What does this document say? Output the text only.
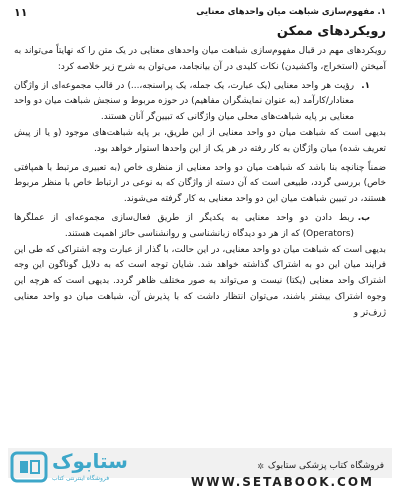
۱. مفهوم‌سازی شباهت میان واحدهای معنایی
۱۱
رویکردهای ممکن

رویکردهای مهم در قبال مفهوم‌سازی شباهت میان واحدهای معنایی در یک متن را که نهایتاً می‌تواند به آمیختن (استخراج، واکشیدن) نکات کلیدی در آن بیانجامد، می‌توان به شرح زیر خلاصه کرد:

۱.
رؤیت هر واحد معنایی (یک عبارت، یک جمله، یک پراسنجه،...) در قالب مجموعه‌ای از واژگان معنادار/کارآمد (به عنوان نمایشگران مفاهیم) در حوزه مربوط و سنجش شباهت میان دو واحد معنایی بر پایه شباهت‌های محلی میان واژگانی که تبیین‌گر آنان هستند.

بدیهی است که شباهت میان دو واحد معنایی از این طریق، بر پایه شباهت‌های موجود (و یا از پیش تعریف شده) میان واژگان به کار رفته در هر یک از این واحدها استوار خواهد بود.

ضمناً چنانچه بنا باشد که شباهت میان دو واحد معنایی از منظری خاص (به تعبیری مرتبط با همپافتی خاص) بررسی گردد، طبیعی است که آن دسته از واژگان که به نوعی در ارتباط خاص با منظر مربوط هستند، در تبیین شباهت میان این دو واحد معنایی به کار گرفته می‌شوند.

ب.
ربط دادن دو واحد معنایی به یکدیگر از طریق فعال‌سازی مجموعه‌ای از عملگرها (Operators) که از هر دو دیدگاه زبانشناسی و روانشناسی حائز اهمیت هستند.

بدیهی است که شباهت میان دو واحد معنایی، در این حالت، با گذار از عبارت وجه اشتراکی که طی این فرایند میان این دو به اشتراک گذاشته خواهد شد. شایان توجه است که به دلایل گوناگون این وجه اشتراک واحد معنایی (یکتا) نیست و می‌تواند به صور مختلف ظاهر گردد. بدیهی است که هرچه این وجوه اشتراک بیشتر باشند، می‌توان انتظار داشت که با پذیرش آن، شباهت میان دو واحد معنایی ژرف‌تر و

ستابوک
فروشگاه اینترنتی کتاب
فروشگاه کتاب پزشکی ستابوک
✲
WWW.SETABOOK.COM
